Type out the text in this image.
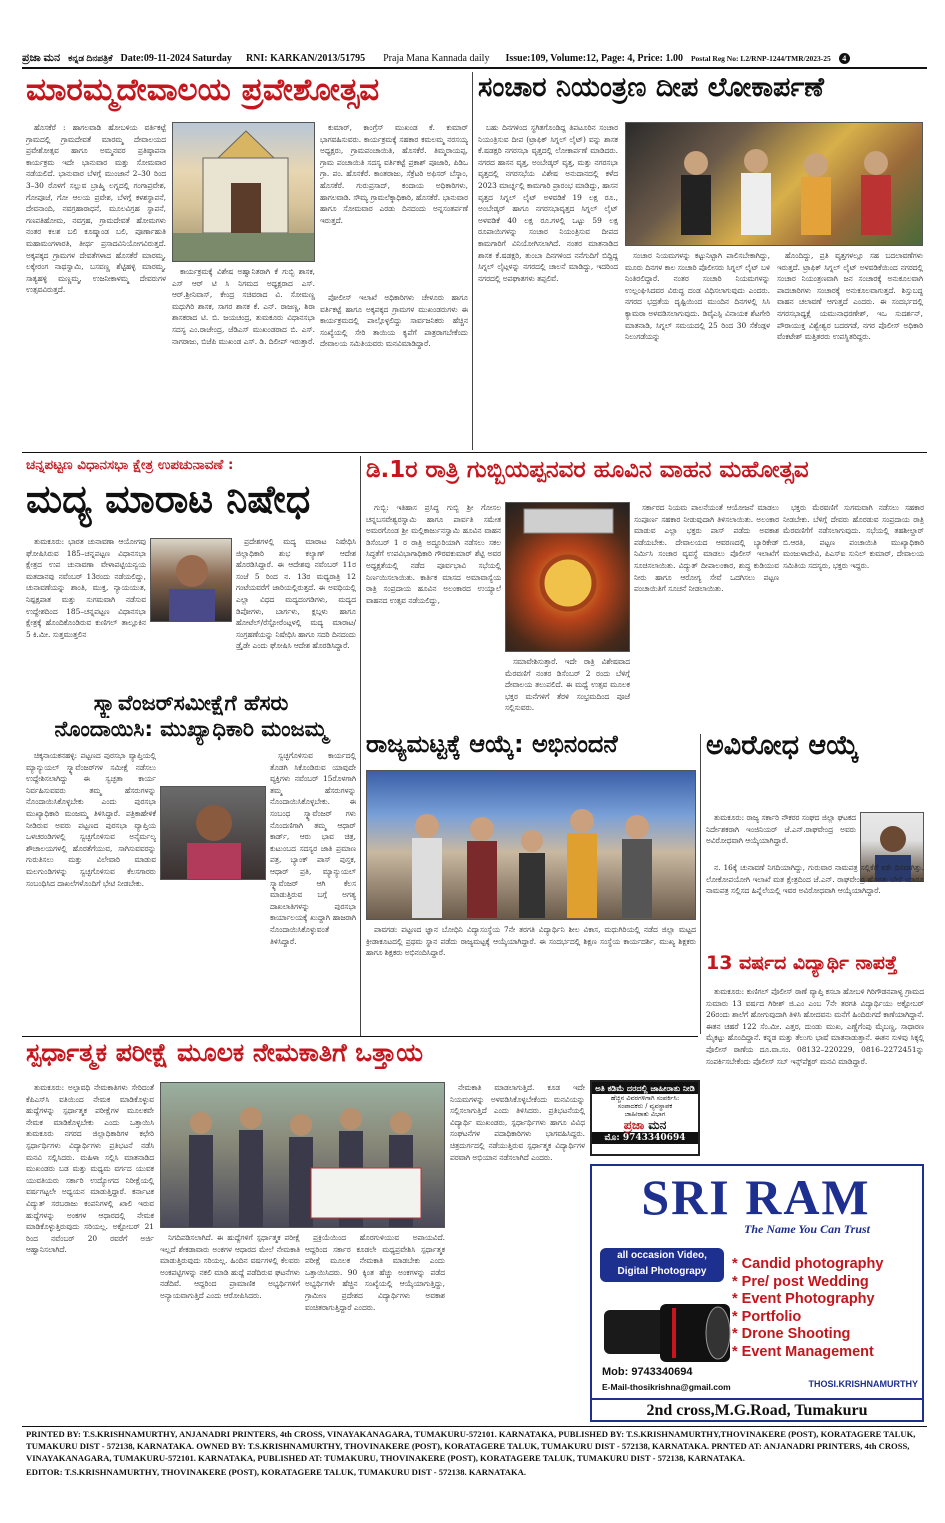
ಪ್ರಜಾ ಮನ ಕನ್ನಡ ದಿನಪತ್ರಿಕೆ Date:09-11-2024 Saturday RNI: KARKAN/2013/51795 Praja Mana Kannada daily Issue:109, Volume:12, Page: 4, Price: 1.00 Postal Reg No: L2/RNP-1244/TMR/2023-25	4
ಮಾರಮ್ಮದೇವಾಲಯ ಪ್ರವೇಶೋತ್ಸವ

ಹೊಸಕೆರೆ : ಹಾಗಲವಾಡಿ ಹೋಬಳಿಯ ವರ್ತಿಕಟ್ಟೆ ಗ್ರಾಮದಲ್ಲಿ ಗ್ರಾಮದೇವತೆ ಮಾರಮ್ಮ ದೇವಾಲಯದ ಪ್ರವೇಶೋತ್ಸವ ಹಾಗೂ ಅಮ್ಮನವರ ಪ್ರತಿಷ್ಠಾಪನಾ ಕಾರ್ಯಕ್ರಮ ಇದೇ ಭಾನುವಾರ ಮತ್ತು ಸೋಮವಾರ ನಡೆಯಲಿದೆ. ಭಾನುವಾರ ಬೆಳಗ್ಗೆ ಮುಂಜಾನೆ 2–30 ರಿಂದ 3–30 ರೊಳಗೆ ಸಲ್ಲುವ ಬ್ರಾಹ್ಮಿ ಲಗ್ನದಲ್ಲಿ ಗಂಗಾಪ್ರವೇಶ, ಗೋಪೂಜೆ, ಗೋ ಆಲಯ ಪ್ರವೇಶ, ಬೆಳಗ್ಗೆ ಕಳಶಸ್ಥಾಪನೆ, ದೇವನಾಂದಿ, ನವಗ್ರಹಾರಾಧನೆ, ಮೂಲವಿಗ್ರಹ ಸ್ಥಾಪನೆ, ಗಣಪತಿಹೋಮ, ನವಗ್ರಹ, ಗ್ರಾಮದೇವತೆ ಹೋಮಗಳು ನಂತರ ಕಲಶ ಬಲಿ ಕೂಷ್ಮಾಂಡ ಬಲಿ, ಪೂರ್ಣಾಹುತಿ ಮಹಾಮಂಗಳಾರತಿ, ತೀರ್ಥ ಪ್ರಸಾದವಿನಿಯೋಗವಿರುತ್ತದೆ. ಅಕ್ಕಪಕ್ಕದ ಗ್ರಾಮಗಳ ದೇವತೆಗಳಾದ ಹೊಸಕೆರೆ ಮಾರಮ್ಮ, ಲಕ್ಕೇರಂಗ ನಾಥಸ್ವಾಮಿ, ಬಸವಣ್ಣ ಶೆಟ್ಟಿಹಳ್ಳಿ ಮಾರಮ್ಮ, ಸಾತ್ಯಹಳ್ಳಿ ಮಣ್ಣಮ್ಮ, ಉಜನೀಕಾಳಮ್ಮ ದೇವರುಗಳ ಉತ್ಸವವಿರುತ್ತದೆ.

ಕಾರ್ಯಕ್ರಮಕ್ಕೆ ವಿಶೇಷ ಅಹ್ವಾನಿತರಾಗಿ ಕೆ ಗುಬ್ಬಿ ಶಾಸಕ, ಎಸ್ ಆರ್ ಟಿ ಸಿ ನಿಗಮದ ಅಧ್ಯಕ್ಷರಾದ ಎಸ್. ಆರ್.ಶ್ರೀನಿವಾಸ್, ಕೇಂದ್ರ ಸಚಿವರಾದ ವಿ. ಸೋಮಣ್ಣ ಮಧುಗಿರಿ ಶಾಸಕ, ಸಾಗರ ಶಾಸಕ ಕೆ. ಎನ್. ರಾಜಣ್ಣ, ಶಿರಾ ಶಾಸಕರಾದ ಟಿ. ಬಿ. ಜಯಚಂದ್ರ, ತುಮಕೂರು ವಿಧಾನಸಭಾ ಸದಸ್ಯ ಎಂ.ರಾಜೇಂದ್ರ, ಜೆಡಿಎಸ್ ಮುಖಂಡರಾದ ಬಿ. ಎಸ್. ನಾಗರಾಜು, ಬಿಜೆಪಿ ಮುಖಂಡ ಎಸ್. ಡಿ. ದಿಲೀಪ್ ಇರುತ್ತಾರೆ.

ಕುಮಾರ್, ಕಾಂಗ್ರೆಸ್ ಮುಖಂಡ ಕೆ. ಕುಮಾರ್ ಭಾಗವಹಿಸುವರು. ಕಾರ್ಯಕ್ರಮಕ್ಕೆ ಸಹಕಾರ ಕಮಲಮ್ಮ ನರಸಯ್ಯ ಅಧ್ಯಕ್ಷರು, ಗ್ರಾಮಪಂಚಾಯಿತಿ, ಹೊಸಕೆರೆ. ತಿಮ್ಮರಾಯಪ್ಪ, ಗ್ರಾಮ ಪಂಚಾಯಿತಿ ಸದಸ್ಯ ವರ್ತಿಕಟ್ಟೆ ಪ್ರಕಾಶ್ ಪೂಜಾರಿ, ಪಿಡಿಒ ಗ್ರಾ. ಪಂ. ಹೊಸಕೆರೆ. ಕಾಂತರಾಜು, ಸೆಕ್ರೆಟರಿ ಅಫಿಸರ್ ಬೆಸ್ಕಾಂ, ಹೊಸಕೆರೆ. ಗುರುಪ್ರಸಾದ್, ಕಂದಾಯ ಅಧಿಕಾರಿಗಳು, ಹಾಗಲವಾಡಿ. ಸೌಮ್ಯ ಗ್ರಾಮಲೆಕ್ಕಾಧಿಕಾರಿ, ಹೊಸಕೆರೆ. ಭಾನುವಾರ ಹಾಗೂ ಸೋಮವಾರ ಎರಡು ದಿನದಂದು ಅನ್ನಸಂತರ್ಪಣೆ ಇರುತ್ತದೆ.

ಪೋಲೀಸ್ ಇಲಾಖೆ ಅಧಿಕಾರಿಗಳು ಚೇಳೂರು ಹಾಗೂ ವರ್ತಿಕಟ್ಟೆ ಹಾಗೂ ಅಕ್ಕಪಕ್ಕದ ಗ್ರಾಮಗಳ ಮುಖಂಡರುಗಳು ಈ ಕಾರ್ಯಕ್ರಮದಲ್ಲಿ ಪಾಲ್ಗೊಳ್ಳಲಿದ್ದು ಸಾರ್ವಜನಿಕರು ಹೆಚ್ಚಿನ ಸಂಖ್ಯೆಯಲ್ಲಿ ಸೇರಿ ತಾಯಿಯ ಕೃಪೆಗೆ ಪಾತ್ರರಾಗಬೇಕೆಂದು ದೇವಾಲಯ ಸಮಿತಿಯವರು ಮನವಿಮಾಡಿದ್ದಾರೆ.

ಸಂಚಾರ ನಿಯಂತ್ರಣ ದೀಪ ಲೋಕಾರ್ಪಣೆ

ಬಹು ದಿನಗಳಿಂದ ಸ್ಥಗಿತಗೊಂಡಿದ್ದ ತಿಪಟೂರಿನ ಸಂಚಾರ ನಿಯಂತ್ರಿಸುವ ದೀಪ (ಟ್ರಾಫಿಕ್ ಸಿಗ್ನಲ್ ಲೈಟ್) ವನ್ನು ಶಾಸಕ ಕೆ.ಷಡಕ್ಷರಿ ನಗರಸಭಾ ವೃತ್ತದಲ್ಲಿ ಲೋಕಾರ್ಪಣೆ ಮಾಡಿದರು. ನಗರದ ಹಾಸನ ವೃತ್ತ, ಅಂಬೇಡ್ಕರ್ ವೃತ್ತ, ಮತ್ತು ನಗರಸಭಾ ವೃತ್ತದಲ್ಲಿ ನಗರಸಭೆಯ ವಿಶೇಷ ಅನುದಾನದಲ್ಲಿ ಕಳೆದ 2023 ಮಾರ್ಚ್ನಲ್ಲಿ ಕಾಮಗಾರಿ ಪ್ರಾರಂಭ ಮಾಡಿದ್ದು, ಹಾಸನ ವೃತ್ತದ ಸಿಗ್ನಲ್ ಲೈಟ್ ಅಳವಡಿಕೆ 19 ಲಕ್ಷ ರೂ., ಅಂಬೇಡ್ಕರ್ ಹಾಗೂ ನಗರಸಭಾವೃತ್ತದ ಸಿಗ್ನಲ್ ಲೈಟ್ ಅಳವಡಿಕೆ 40 ಲಕ್ಷ ರೂ.ಗಳಲ್ಲಿ ಒಟ್ಟು 59 ಲಕ್ಷ ರೂಪಾಯಿಗಳನ್ನು ಸಂಚಾರ ನಿಯಂತ್ರಿಸುವ ದೀಪದ ಕಾಮಗಾರಿಗೆ ವಿನಿಯೋಗಿಸಲಾಗಿದೆ. ನಂತರ ಮಾತನಾಡಿದ ಶಾಸಕ ಕೆ.ಷಡಕ್ಷರಿ, ತುಂಬಾ ದಿನಗಳಿಂದ ನನೆಗುದಿಗೆ ಬಿದ್ದಿದ್ದ ಸಿಗ್ನಲ್ ಲೈಟ್ಗಳನ್ನು ನಗರದಲ್ಲಿ ಚಾಲನೆ ಮಾಡಿದ್ದು, ಇದರಿಂದ ನಗರದಲ್ಲಿ ಅಪಘಾತಗಳು ತಪ್ಪಲಿವೆ.

ಸಂಚಾರ ನಿಯಮಗಳನ್ನು ಕಟ್ಟುನಿಟ್ಟಾಗಿ ಪಾಲಿಸಬೇಕಾಗಿದ್ದು, ಮೂರು ದಿನಗಳ ಕಾಲ ಸಂಚಾರಿ ಪೊಲೀಸರು ಸಿಗ್ನಲ್ ಲೈಟ್ ಬಳಿ ನಿಂತಿರಲಿದ್ದಾರೆ. ನಂತರ ಸಂಚಾರಿ ನಿಯಮಗಳನ್ನು ಉಲ್ಲಂಘಿಸಿದವರ ವಿರುದ್ಧ ದಂಡ ವಿಧಿಸಲಾಗುವುದು ಎಂದರು. ನಗರದ ಭದ್ರತೆಯ ದೃಷ್ಟಿಯಿಂದ ಮುಂದಿನ ದಿನಗಳಲ್ಲಿ ಸಿಸಿ ಕ್ಯಾಮರಾ ಅಳವಡಿಸಲಾಗುವುದು. ಡಿವೈಎಸ್ಪಿ ವಿನಾಯಕ ಶೆಟಗೇರಿ ಮಾತನಾಡಿ, ಸಿಗ್ನಲ್ ಸಮಯದಲ್ಲಿ 25 ರಿಂದ 30 ಸೆಕೆಂಡ್ಗಳ ನಿಲುಗಡೆಯನ್ನು

ಹೊಂದಿದ್ದು, ಪ್ರತಿ ವೃತ್ತಗಳಲ್ಲೂ ಸಹ ಬದಲಾವಣೆಗಳು ಇರುತ್ತದೆ. ಟ್ರಾಫಿಕ್ ಸಿಗ್ನಲ್ ಲೈಟ್ ಅಳವಡಿಕೆಯಿಂದ ನಗರದಲ್ಲಿ ಸಂಚಾರ ನಿಯಂತ್ರಣವಾಗಿ ಜನ ಸಂಚಾರಕ್ಕೆ ಅನುಕೂಲವಾಗಿ ಪಾದಚಾರಿಗಳು ಸಂಚಾರಕ್ಕೆ ಅನುಕೂಲವಾಗುತ್ತದೆ. ಶಿಸ್ತುಬದ್ಧ ವಾಹನ ಚಲಾವಣೆ ಆಗುತ್ತದೆ ಎಂದರು. ಈ ಸಂದರ್ಭದಲ್ಲಿ ನಗರಸಭಾಧ್ಯಕ್ಷೆ ಯಮುನಾಧರಣೇಶ್, ಇಒ ಸುದರ್ಶನ್, ಪೌರಾಯುಕ್ತ ವಿಶ್ವೇಶ್ವರ ಬದರಗಡೆ, ನಗರ ಪೊಲೀಸ್ ಅಧಿಕಾರಿ ವೆಂಕಟೇಶ್ ಮತ್ತಿತರರು ಉಪಸ್ಥಿತರಿದ್ದರು.

ಚನ್ನಪಟ್ಟಣ ವಿಧಾನಸಭಾ ಕ್ಷೇತ್ರ ಉಪಚುನಾವಣೆ :
ಮದ್ಯ ಮಾರಾಟ ನಿಷೇಧ

ತುಮಕೂರು: ಭಾರತ ಚುನಾವಣಾ ಆಯೋಗವು ಘೋಷಿಸಿರುವ 185–ಚನ್ನಪಟ್ಟಣ ವಿಧಾನಸಭಾ ಕ್ಷೇತ್ರದ ಉಪ ಚುನಾವಣಾ ವೇಳಾಪಟ್ಟಿಯನ್ವಯ ಮತದಾನವು ನವೆಂಬರ್ 13ರಂದು ನಡೆಯಲಿದ್ದು, ಚುನಾವಣೆಯನ್ನು ಶಾಂತಿ, ಮುಕ್ತ, ನ್ಯಾಯಯುತ, ನಿಷ್ಪಕ್ಷಪಾತ ಮತ್ತು ಸುಗಮವಾಗಿ ನಡೆಸುವ ಉದ್ದೇಶದಿಂದ 185–ಚನ್ನಪಟ್ಟಣ ವಿಧಾನಸಭಾ ಕ್ಷೇತ್ರಕ್ಕೆ ಹೊಂದಿಕೊಂಡಿರುವ ಕುಣಿಗಲ್ ತಾಲ್ಲೂಕಿನ 5 ಕಿ.ಮೀ. ಸುತ್ತಮುತ್ತಲಿನ

ಪ್ರದೇಶಗಳಲ್ಲಿ ಮದ್ಯ ಮಾರಾಟ ನಿಷೇಧಿಸಿ ಜಿಲ್ಲಾಧಿಕಾರಿ ಶುಭ ಕಲ್ಯಾಣ್ ಆದೇಶ ಹೊರಡಿಸಿದ್ದಾರೆ. ಈ ಆದೇಶವು ನವೆಂಬರ್ 11ರ ಸಂಜೆ 5 ರಿಂದ ನ. 13ರ ಮಧ್ಯರಾತ್ರಿ 12 ಗಂಟೆಯವರೆಗೆ ಜಾರಿಯಲ್ಲಿರುತ್ತದೆ. ಈ ಅವಧಿಯಲ್ಲಿ ಎಲ್ಲಾ ವಿಧದ ಮದ್ಯದಂಗಡಿಗಳು, ಮದ್ಯದ ಡಿಪೋಗಳು, ಬಾರ್ಗಳು, ಕ್ಲಬ್ಗಳು ಹಾಗೂ ಹೋಟೆಲ್/ರೆಸ್ಟೋರೆಂಟ್ಗಳಲ್ಲಿ ಮದ್ಯ ಮಾರಾಟ/ ಸಂಗ್ರಹಣೆಯನ್ನು ನಿಷೇಧಿಸಿ ಹಾಗೂ ಸದರಿ ದಿನದಂದು ಡ್ರೈಡೇ ಎಂದು ಘೋಷಿಸಿ ಆದೇಶ ಹೊರಡಿಸಿದ್ದಾರೆ.

ಸ್ಕ್ಯಾವೆಂಜರ್‌ಸಮೀಕ್ಷೆಗೆ ಹೆಸರು
ನೊಂದಾಯಿಸಿ: ಮುಖ್ಯಾಧಿಕಾರಿ ಮಂಜಮ್ಮ

ಚಿಕ್ಕನಾಯಕನಹಳ್ಳಿ: ಪಟ್ಟಣದ ಪುರಸಭಾ ವ್ಯಾಪ್ತಿಯಲ್ಲಿ ಮ್ಯಾನ್ಯುಯಲ್ ಸ್ಕ್ಯಾವೆಂಜರ್‌ಗಳ ಸಮೀಕ್ಷೆ ನಡೆಸಲು ಉದ್ದೇಶಿಸಲಾಗಿದ್ದು ಈ ಸ್ವಚ್ಛತಾ ಕಾರ್ಯ ನಿರ್ವಹಿಸುವವರು ತಮ್ಮ ಹೆಸರುಗಳನ್ನು ನೊಂದಾಯಿಸಿಕೊಳ್ಳಬೇಕು ಎಂದು ಪುರಸಭಾ ಮುಖ್ಯಾಧಿಕಾರಿ ಮಂಜಮ್ಮ ತಿಳಿಸಿದ್ದಾರೆ. ಪತ್ರಿಕಾಹೇಳಿಕೆ ನೀಡಿರುವ ಅವರು ಪಟ್ಟಣದ ಪುರಸಭಾ ವ್ಯಾಪ್ತಿಯ ಒಳಚರಂಡಿಗಳಲ್ಲಿ ಸ್ವಚ್ಛಗೊಳಿಸುವ ಅನೈರ್ಮಲ್ಯ ಶೌಚಾಲಯಗಳಲ್ಲಿ ಹೊರತೆಗೆಯುವ, ಸಾಗಿಸುವವರನ್ನು ಗುರುತಿಸಲು ಮತ್ತು ವಿಲೇವಾರಿ ಮಾಡುವ ಮಲಗುಂಡಿಗಳನ್ನು ಸ್ವಚ್ಛಗೊಳಿಸುವ ಕೆಲಸಗಾರರು ಸಂಬಂಧಿಸಿದ ದಾಖಲೆಗಳೊಂದಿಗೆ ಭೇಟಿ ನೀಡಬೇಕು.

ಸ್ವಚ್ಛಗೊಳಿಸುವ ಕಾರ್ಯದಲ್ಲಿ ತೊಡಗಿ ಸಿಕೊಂಡಿರುವ ಯಾವುದೇ ವ್ಯಕ್ತಿಗಳು ನವೆಂಬರ್ 15ರೊಳಗಾಗಿ ತಮ್ಮ ಹೆಸರುಗಳನ್ನು ನೊಂದಾಯಿಸಿಕೊಳ್ಳಬೇಕು. ಈ ಸಂಬಂಧ ಸ್ಕ್ಯಾವೆಂಜರ್ ಗಳು ನೊಂದಣಿಗಾಗಿ ತಮ್ಮ ಆಧಾರ್ ಕಾರ್ಡ್, ಆರು ಭಾವ ಚಿತ್ರ, ಕುಟುಂಬದ ಸದಸ್ಯರ ಜಾತಿ ಪ್ರಮಾಣ ಪತ್ರ, ಬ್ಯಾಂಕ್ ಪಾಸ್ ಪುಸ್ತಕ, ಆಧಾರ್ ಪ್ರತಿ, ಮ್ಯಾನ್ಯುಯಲ್ ಸ್ಕ್ಯಾವೆಂಜರ್ ಆಗಿ ಕೆಲಸ ಮಾಡುತ್ತಿರುವ ಬಗ್ಗೆ ಅಗತ್ಯ ದಾಖಲಾತಿಗಳನ್ನು ಪುರಸಭಾ ಕಾರ್ಯಾಲಯಕ್ಕೆ ಖುದ್ದಾಗಿ ಹಾಜರಾಗಿ ನೊಂದಾಯಿಸಿಕೊಳ್ಳುವಂತೆ ತಿಳಿಸಿದ್ದಾರೆ.

ಡಿ.1ರ ರಾತ್ರಿ ಗುಬ್ಬಿಯಪ್ಪನವರ ಹೂವಿನ ವಾಹನ ಮಹೋತ್ಸವ

ಗುಬ್ಬಿ: ಇತಿಹಾಸ ಪ್ರಸಿದ್ಧ ಗುಬ್ಬಿ ಶ್ರೀ ಗೋಸಲ ಚನ್ನಬಸವೇಶ್ವರಸ್ವಾಮಿ ಹಾಗೂ ಪಾರ್ವತಿ ಸಮೇತ ಅಮರಗೊಂಡ ಶ್ರೀ ಮಲ್ಲಿಕಾರ್ಜುನಸ್ವಾಮಿ ಹೂವಿನ ವಾಹನ ಡಿಸೆಂಬರ್ 1 ರ ರಾತ್ರಿ ಅದ್ದೂರಿಯಾಗಿ ನಡೆಸಲು ಸಕಲ ಸಿದ್ಧತೆಗೆ ಉಪವಿಭಾಗಾಧಿಕಾರಿ ಗೌರವಕುಮಾರ್ ಶೆಟ್ಟಿ ಅವರ ಅಧ್ಯಕ್ಷತೆಯಲ್ಲಿ ನಡೆದ ಪೂರ್ವಭಾವಿ ಸಭೆಯಲ್ಲಿ ನಿರ್ಣಯಿಸಲಾಯಿತು. ಕಾರ್ತಿಕ ಮಾಸದ ಅಮಾವಾಸ್ಯೆಯ ರಾತ್ರಿ ಸಂಪ್ರದಾಯ ಹೂವಿನ ಅಲಂಕಾರದ ಉಯ್ಯಾಲೆ ವಾಹನದ ಉತ್ಸವ ನಡೆಯಲಿದ್ದು,

ಸಮಾವೇಶಿಸುತ್ತಾರೆ. ಇದೇ ರಾತ್ರಿ ವಿಶೇಷವಾದ ಮೆರವಣಿಗೆ ನಂತರ ಡಿಸೆಂಬರ್ 2 ರಂದು ಬೆಳಿಗ್ಗೆ ದೇವಾಲಯ ತಲುಪಲಿದೆ. ಈ ಮಧ್ಯೆ ಉತ್ಸವ ಮೂಲಕ ಭಕ್ತರ ಮನೆಗಳಿಗೆ ತೆರಳಿ ಸಂಭ್ರಮದಿಂದ ಪೂಜೆ ಸಲ್ಲಿಸುವರು.

ಸರ್ಕಾರದ ನಿಯಮ ಪಾಲನೆಯಂತೆ ಆಯೋಜನೆ ಮಾಡಲು ಸಂಪೂರ್ಣ ಸಹಕಾರ ನೀಡುವುದಾಗಿ ತಿಳಿಸಲಾಯಿತು. ಅಲಂಕಾರ ಮಾಡುವ ಎಲ್ಲಾ ಭಕ್ತರು ಪಾಸ್ ಪಡೆದು ಅವಕಾಶ ಪಡೆಯಬೇಕು. ದೇವಾಲಯದ ಆವರಣದಲ್ಲಿ ಬ್ಯಾರಿಕೇಡ್ ನಿರ್ಮಿಸಿ ಸಂಚಾರ ವ್ಯವಸ್ಥೆ ಮಾಡಲು ಪೊಲೀಸ್ ಇಲಾಖೆಗೆ ಸೂಚಿಸಲಾಯಿತು. ವಿದ್ಯುತ್ ದೀಪಾಲಂಕಾರ, ಶುದ್ಧ ಕುಡಿಯುವ ನೀರು ಹಾಗೂ ಆರೋಗ್ಯ ಸೇವೆ ಒದಗಿಸಲು ಪಟ್ಟಣ ಪಂಚಾಯಿತಿಗೆ ಸೂಚನೆ ನೀಡಲಾಯಿತು.

ಭಕ್ತರು ಮೆರವಣಿಗೆ ಸುಗಮವಾಗಿ ನಡೆಸಲು ಸಹಕಾರ ನೀಡಬೇಕು. ಬೆಳಿಗ್ಗೆ ದೇವರು ಹೊರಡುವ ಸಂಪ್ರದಾಯ ರಾತ್ರಿ ಮೆರವಣಿಗೆಗೆ ನಡೆಸಲಾಗುವುದು. ಸಭೆಯಲ್ಲಿ ತಹಶೀಲ್ದಾರ್ ಬಿ.ಆರತಿ, ಪಟ್ಟಣ ಪಂಚಾಯಿತಿ ಮುಖ್ಯಾಧಿಕಾರಿ ಮಂಜುಳಾದೇವಿ, ಪಿಎಸ್ಐ ಸುನಿಲ್ ಕುಮಾರ್, ದೇವಾಲಯ ಸಮಿತಿಯ ಸದಸ್ಯರು, ಭಕ್ತರು ಇದ್ದರು.

ರಾಜ್ಯಮಟ್ಟಕ್ಕೆ ಆಯ್ಕೆ: ಅಭಿನಂದನೆ

ಪಾವಗಡ: ಪಟ್ಟಣದ ಜ್ಞಾನ ಬೋಧಿನಿ ವಿದ್ಯಾಸಂಸ್ಥೆಯ 7ನೇ ತರಗತಿ ವಿದ್ಯಾರ್ಥಿನಿ ಶೀಲ ವಿಕಾಸ, ಮಧುಗಿರಿಯಲ್ಲಿ ನಡೆದ ಜಿಲ್ಲಾ ಮಟ್ಟದ ಕ್ರೀಡಾಕೂಟದಲ್ಲಿ ಪ್ರಥಮ ಸ್ಥಾನ ಪಡೆದು ರಾಜ್ಯಮಟ್ಟಕ್ಕೆ ಆಯ್ಕೆಯಾಗಿದ್ದಾರೆ. ಈ ಸಂದರ್ಭದಲ್ಲಿ ಶಿಕ್ಷಣ ಸಂಸ್ಥೆಯ ಕಾರ್ಯದರ್ಶಿ, ಮುಖ್ಯ ಶಿಕ್ಷಕರು ಹಾಗೂ ಶಿಕ್ಷಕರು ಅಭಿನಂದಿಸಿದ್ದಾರೆ.

ಅವಿರೋಧ ಆಯ್ಕೆ

ತುಮಕೂರು: ರಾಜ್ಯ ಸರ್ಕಾರಿ ನೌಕರರ ಸಂಘದ ಜಿಲ್ಲಾ ಘಟಕದ ನಿರ್ದೇಶಕರಾಗಿ ಇಂಜಿನಿಯರ್ ಜೆ.ಎನ್.ರಾಘವೇಂದ್ರ ಅವರು ಅವಿರೋಧವಾಗಿ ಆಯ್ಕೆಯಾಗಿದ್ದಾರೆ.

ನ. 16ಕ್ಕೆ ಚುನಾವಣೆ ನಿಗದಿಯಾಗಿದ್ದು, ಗುರುವಾರ ನಾಮಪತ್ರ ಸಲ್ಲಿಕೆಗೆ ಕಡೇ ದಿನವಾಗಿತ್ತು. ಲೋಕೋಪಯೋಗಿ ಇಲಾಖೆ ಮತ ಕ್ಷೇತ್ರದಿಂದ ಜೆ.ಎನ್. ರಾಘವೇಂದ್ರ ಹೊರತು ಬೇರೆ ಯಾರೂ ನಾಮಪತ್ರ ಸಲ್ಲಿಸದ ಹಿನ್ನೆಲೆಯಲ್ಲಿ ಇವರ ಅವಿರೋಧವಾಗಿ ಆಯ್ಕೆಯಾಗಿದ್ದಾರೆ.

13 ವರ್ಷದ ವಿದ್ಯಾರ್ಥಿ ನಾಪತ್ತೆ

ತುಮಕೂರು: ಕುಣಿಗಲ್ ಪೊಲೀಸ್ ಠಾಣೆ ವ್ಯಾಪ್ತಿ ಕಸಬಾ ಹೋಬಳಿ ಗಿರಿಗೌಡನಪಾಳ್ಯ ಗ್ರಾಮದ ಸುಮಾರು 13 ವರ್ಷದ ಗಿರೀಶ್ ಜಿ.ಎಂ ಎಂಬ 7ನೇ ತರಗತಿ ವಿದ್ಯಾರ್ಥಿಯು ಅಕ್ಟೋಬರ್ 26ರಂದು ಶಾಲೆಗೆ ಹೋಗುವುದಾಗಿ ತಿಳಿಸಿ ಹೋದವನು ಮನೆಗೆ ಹಿಂದಿರುಗದೆ ಕಾಣೆಯಾಗಿದ್ದಾನೆ. ಈತನ ಚಹರೆ 122 ಸೆಂ.ಮೀ. ಎತ್ತರ, ದುಂಡು ಮುಖ, ಎಣ್ಣೆಗೆಂಪು ಮೈಬಣ್ಣ, ಸಾಧಾರಣ ಮೈಕಟ್ಟು ಹೊಂದಿದ್ದಾನೆ. ಕನ್ನಡ ಮತ್ತು ತೆಲುಗು ಭಾಷೆ ಮಾತನಾಡುತ್ತಾನೆ. ಈತನ ಸುಳಿವು ಸಿಕ್ಕಲ್ಲಿ ಪೊಲೀಸ್ ಠಾಣೆಯ ದೂ.ವಾ.ಸಂ. 08132–220229, 0816–2272451ನ್ನು ಸಂಪರ್ಕಿಸಬೇಕೆಂದು ಪೊಲೀಸ್ ಸಬ್ ಇನ್ಸ್‌ಪೆಕ್ಟರ್ ಮನವಿ ಮಾಡಿದ್ದಾರೆ.

ಸ್ಪರ್ಧಾತ್ಮಕ ಪರೀಕ್ಷೆ ಮೂಲಕ ನೇಮಕಾತಿಗೆ ಒತ್ತಾಯ

ತುಮಕೂರು: ಅಲ್ಪಾವಧಿ ನೇಮಕಾತಿಗಳು ಸೇರಿದಂತೆ ಕೆಪಿಎಸ್‌ಸಿ ವತಿಯಿಂದ ನೇಮಕ ಮಾಡಿಕೊಳ್ಳುವ ಹುದ್ದೆಗಳನ್ನು ಸ್ಪರ್ಧಾತ್ಮಕ ಪರೀಕ್ಷೆಗಳ ಮೂಲಕವೇ ನೇಮಕ ಮಾಡಿಕೊಳ್ಳಬೇಕು ಎಂದು ಒತ್ತಾಯಿಸಿ ತುಮಕೂರು ನಗರದ ಜಿಲ್ಲಾಧಿಕಾರಿಗಳ ಕಛೇರಿ ಸ್ಪರ್ಧಾರ್ಥಿಗಳು ವಿದ್ಯಾರ್ಥಿಗಳು ಪ್ರತಿಭಟನೆ ನಡೆಸಿ ಮನವಿ ಸಲ್ಲಿಸಿದರು. ಮಹಿಳಾ ಸಲ್ಲಿಸಿ ಮಾತನಾಡಿದ ಮುಖಂಡರು ಬಡ ಮತ್ತು ಮಧ್ಯಮ ವರ್ಗದ ಯುವಕ ಯುವತಿಯರು ಸರ್ಕಾರಿ ಉದ್ಯೋಗದ ನಿರೀಕ್ಷೆಯಲ್ಲಿ ವರ್ಷಗಟ್ಟಲೇ ಅಧ್ಯಯನ ಮಾಡುತ್ತಿದ್ದಾರೆ. ಕರ್ನಾಟಕ ವಿದ್ಯುತ್ ಸರಬರಾಜು ಕಂಪನಿಗಳಲ್ಲಿ ಖಾಲಿ ಇರುವ ಹುದ್ದೆಗಳನ್ನು ಅಂಕಗಳ ಆಧಾರದಲ್ಲಿ ನೇಮಕ ಮಾಡಿಕೊಳ್ಳುತ್ತಿರುವುದು ಸರಿಯಲ್ಲ. ಅಕ್ಟೋಬರ್ 21 ರಿಂದ ನವೆಂಬರ್ 20 ರವರೆಗೆ ಅರ್ಜಿ ಆಹ್ವಾನಿಸಲಾಗಿದೆ.

ನಿಗದಿಪಡಿಸಲಾಗಿದೆ. ಈ ಹುದ್ದೆಗಳಿಗೆ ಸ್ಪರ್ಧಾತ್ಮಕ ಪರೀಕ್ಷೆ ಇಲ್ಲದೆ ಶೇಕಡಾವಾರು ಅಂಕಗಳ ಆಧಾರದ ಮೇಲೆ ನೇಮಕಾತಿ ಮಾಡುತ್ತಿರುವುದು ಸರಿಯಲ್ಲ. ಹಿಂದಿನ ವರ್ಷಗಳಲ್ಲಿ ಕೆಲವರು ಅಂಕಪಟ್ಟಿಗಳನ್ನು ನಕಲಿ ಮಾಡಿ ಹುದ್ದೆ ಪಡೆದಿರುವ ಘಟನೆಗಳು ನಡೆದಿವೆ. ಆದ್ದರಿಂದ ಪ್ರಾಮಾಣಿಕ ಅಭ್ಯರ್ಥಿಗಳಿಗೆ ಅನ್ಯಾಯವಾಗುತ್ತಿದೆ ಎಂದು ಆರೋಪಿಸಿದರು.

ಪ್ರಕ್ರಿಯೆಯಿಂದ ಹೊರಗುಳಿಯುವ ಅಪಾಯವಿದೆ. ಆದ್ದರಿಂದ ಸರ್ಕಾರ ಕೂಡಲೇ ಮಧ್ಯಪ್ರವೇಶಿಸಿ ಸ್ಪರ್ಧಾತ್ಮಕ ಪರೀಕ್ಷೆ ಮೂಲಕ ನೇಮಕಾತಿ ಮಾಡಬೇಕು ಎಂದು ಒತ್ತಾಯಿಸಿದರು. 90 ಕ್ಕಿಂತ ಹೆಚ್ಚು ಅಂಕಗಳನ್ನು ಪಡೆದ ಅಭ್ಯರ್ಥಿಗಳೇ ಹೆಚ್ಚಿನ ಸಂಖ್ಯೆಯಲ್ಲಿ ಆಯ್ಕೆಯಾಗುತ್ತಿದ್ದು, ಗ್ರಾಮೀಣ ಪ್ರದೇಶದ ವಿದ್ಯಾರ್ಥಿಗಳು ಅವಕಾಶ ವಂಚಿತರಾಗುತ್ತಿದ್ದಾರೆ ಎಂದರು.

ನೇಮಕಾತಿ ಮಾಡಲಾಗುತ್ತಿದೆ. ಕೂಡ ಇದೇ ನಿಯಮಗಳನ್ನು ಅಳವಡಿಸಿಕೊಳ್ಳಬೇಕೆಂದು ಮನವಿಯನ್ನು ಸಲ್ಲಿಸಲಾಗುತ್ತಿದೆ ಎಂದು ತಿಳಿಸಿದರು. ಪ್ರತಿಭಟನೆಯಲ್ಲಿ ವಿದ್ಯಾರ್ಥಿ ಮುಖಂಡರು, ಸ್ಪರ್ಧಾರ್ಥಿಗಳು ಹಾಗೂ ವಿವಿಧ ಸಂಘಟನೆಗಳ ಪದಾಧಿಕಾರಿಗಳು ಭಾಗವಹಿಸಿದ್ದರು. ಚಿತ್ರದುರ್ಗದಲ್ಲಿ ನಡೆಯುತ್ತಿರುವ ಸ್ಪರ್ಧಾತ್ಮಕ ವಿದ್ಯಾರ್ಥಿಗಳ ಪರವಾಗಿ ಅಭಿಯಾನ ನಡೆಸಲಾಗಿದೆ ಎಂದರು.

ಅತಿ ಕಡಿಮೆ ದರದಲ್ಲಿ ಜಾಹೀರಾತು ನೀಡಿ
ಹೆಚ್ಚಿನ ವಿವರಗಳಿಗಾಗಿ ಸಂಪರ್ಕಿಸಿ:
ಸಂಪಾದಕರು / ವ್ಯವಸ್ಥಾಪಕ
ಜಾಹೀರಾತು ವಿಭಾಗ
ಪ್ರಜಾ ಮನ
ಮೊ: 9743340694
SRI RAM
The Name You Can Trust
all occasion Video,
Digital Photograpy	* Candid photography
* Pre/ post Wedding
* Event Photography
* Portfolio
* Drone Shooting
* Event Management
Mob: 9743340694
THOSI.KRISHNAMURTHY
E-Mail-thosikrishna@gmail.com
2nd cross,M.G.Road, Tumakuru
PRINTED BY: T.S.KRISHNAMURTHY, ANJANADRI PRINTERS, 4th CROSS, VINAYAKANAGARA, TUMAKURU-572101. KARNATAKA, PUBLISHED BY: T.S.KRISHNAMURTHY,THOVINAKERE (POST), KORATAGERE TALUK, TUMAKURU DIST - 572138, KARNATAKA. OWNED BY: T.S.KRISHNAMURTHY, THOVINAKERE (POST), KORATAGERE TALUK, TUMAKURU DIST - 572138, KARNATAKA. PRNTED AT: ANJANADRI PRINTERS, 4th CROSS, VINAYAKANAGARA, TUMAKURU-572101. KARNATAKA, PUBLISHED AT: TUMAKURU, THOVINAKERE (POST), KORATAGERE TALUK, TUMAKURU DIST - 572138, KARNATAKA.
EDITOR: T.S.KRISHNAMURTHY, THOVINAKERE (POST), KORATAGERE TALUK, TUMAKURU DIST - 572138. KARNATAKA.
